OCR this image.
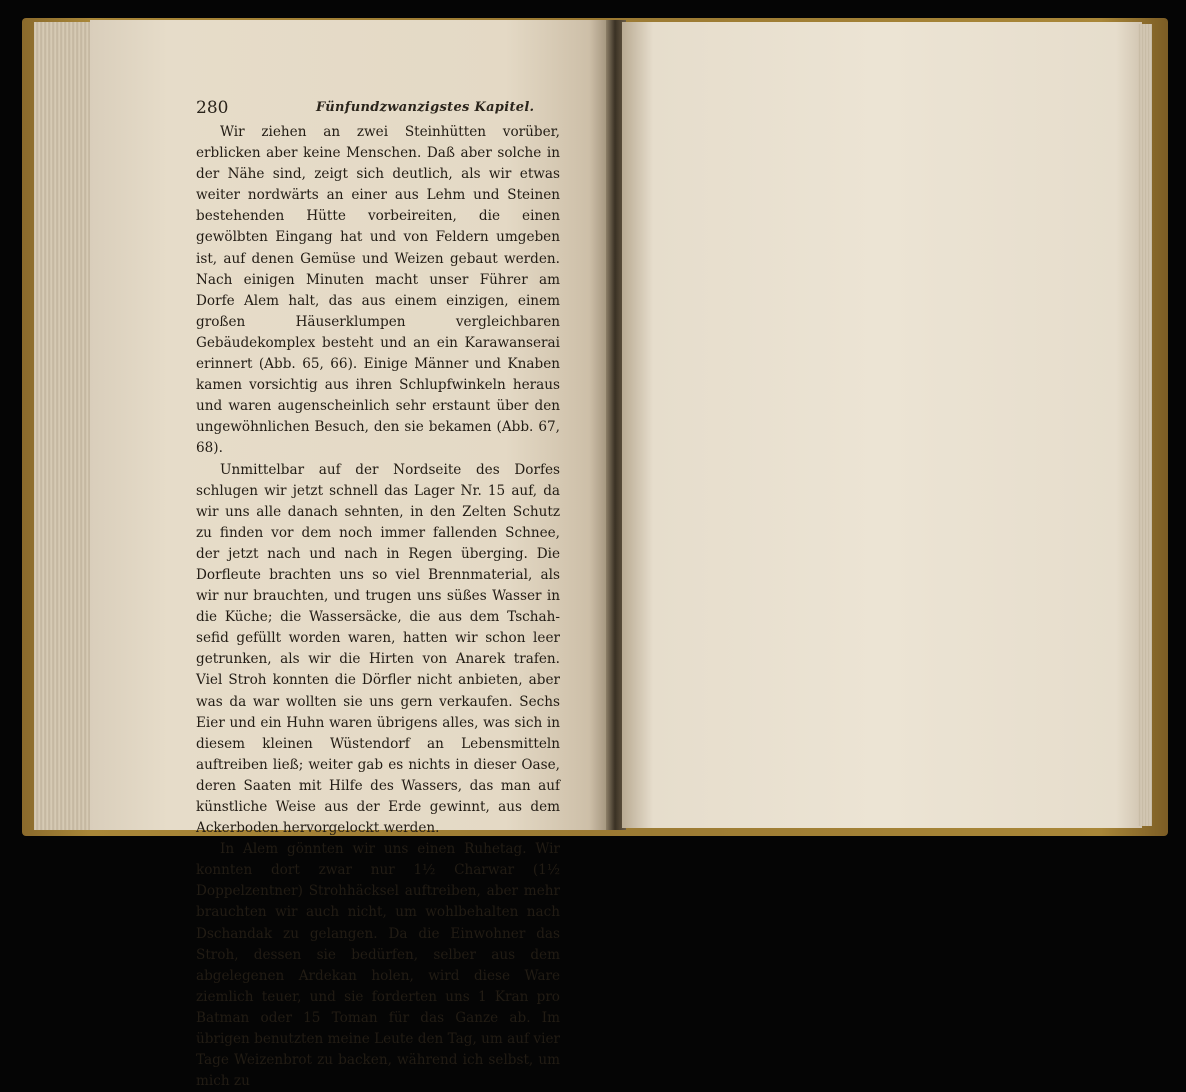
280	Fünfundzwanzigstes Kapitel.

Wir ziehen an zwei Steinhütten vorüber, erblicken aber keine Menschen. Daß aber solche in der Nähe sind, zeigt sich deutlich, als wir etwas weiter nordwärts an einer aus Lehm und Steinen bestehenden Hütte vorbeireiten, die einen gewölbten Eingang hat und von Feldern umgeben ist, auf denen Gemüse und Weizen gebaut werden. Nach einigen Minuten macht unser Führer am Dorfe Alem halt, das aus einem einzigen, einem großen Häuserklumpen vergleichbaren Gebäudekomplex besteht und an ein Karawanserai erinnert (Abb. 65, 66). Einige Männer und Knaben kamen vorsichtig aus ihren Schlupfwinkeln heraus und waren augenscheinlich sehr erstaunt über den ungewöhnlichen Besuch, den sie bekamen (Abb. 67, 68).

Unmittelbar auf der Nordseite des Dorfes schlugen wir jetzt schnell das Lager Nr. 15 auf, da wir uns alle danach sehnten, in den Zelten Schutz zu finden vor dem noch immer fallenden Schnee, der jetzt nach und nach in Regen überging. Die Dorfleute brachten uns so viel Brennmaterial, als wir nur brauchten, und trugen uns süßes Wasser in die Küche; die Wassersäcke, die aus dem Tschah-sefid gefüllt worden waren, hatten wir schon leer getrunken, als wir die Hirten von Anarek trafen. Viel Stroh konnten die Dörfler nicht anbieten, aber was da war wollten sie uns gern verkaufen. Sechs Eier und ein Huhn waren übrigens alles, was sich in diesem kleinen Wüstendorf an Lebensmitteln auftreiben ließ; weiter gab es nichts in dieser Oase, deren Saaten mit Hilfe des Wassers, das man auf künstliche Weise aus der Erde gewinnt, aus dem Ackerboden hervorgelockt werden.

In Alem gönnten wir uns einen Ruhetag. Wir konnten dort zwar nur 1½ Charwar (1½ Doppelzentner) Strohhäcksel auftreiben, aber mehr brauchten wir auch nicht, um wohlbehalten nach Dschandak zu gelangen. Da die Einwohner das Stroh, dessen sie bedürfen, selber aus dem abgelegenen Ardekan holen, wird diese Ware ziemlich teuer, und sie forderten uns 1 Kran pro Batman oder 15 Toman für das Ganze ab. Im übrigen benutzten meine Leute den Tag, um auf vier Tage Weizenbrot zu backen, während ich selbst, um mich zu
